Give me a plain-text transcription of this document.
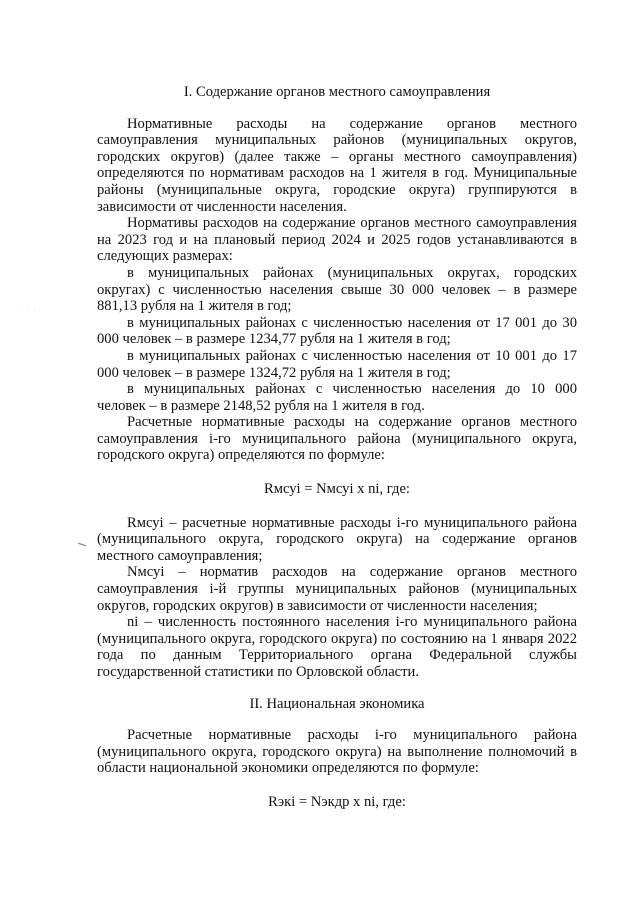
· · · · ·

I. Содержание органов местного самоуправления

Нормативные расходы на содержание органов местного самоуправления муниципальных районов (муниципальных округов, городских округов) (далее также – органы местного самоуправления) определяются по нормативам расходов на 1 жителя в год. Муниципальные районы (муниципальные округа, городские округа) группируются в зависимости от численности населения.

Нормативы расходов на содержание органов местного самоуправления на 2023 год и на плановый период 2024 и 2025 годов устанавливаются в следующих размерах:

в муниципальных районах (муниципальных округах, городских округах) с численностью населения свыше 30 000 человек – в размере 881,13 рубля на 1 жителя в год;

в муниципальных районах с численностью населения от 17 001 до 30 000 человек – в размере 1234,77 рубля на 1 жителя в год;

в муниципальных районах с численностью населения от 10 001 до 17 000 человек – в размере 1324,72 рубля на 1 жителя в год;

в муниципальных районах с численностью населения до 10 000 человек – в размере 2148,52 рубля на 1 жителя в год.

Расчетные нормативные расходы на содержание органов местного самоуправления i-го муниципального района (муниципального округа, городского округа) определяются по формуле:

Rмсуi = Nмсуi x ni, где:

Rмсуi – расчетные нормативные расходы i-го муниципального района (муниципального округа, городского округа) на содержание органов местного самоуправления;

Nмсуi – норматив расходов на содержание органов местного самоуправления i-й группы муниципальных районов (муниципальных округов, городских округов) в зависимости от численности населения;

ni – численность постоянного населения i-го муниципального района (муниципального округа, городского округа) по состоянию на 1 января 2022 года по данным Территориального органа Федеральной службы государственной статистики по Орловской области.

II. Национальная экономика

Расчетные нормативные расходы i-го муниципального района (муниципального округа, городского округа) на выполнение полномочий в области национальной экономики определяются по формуле:

Rэкi = Nэкдр x ni, где:
